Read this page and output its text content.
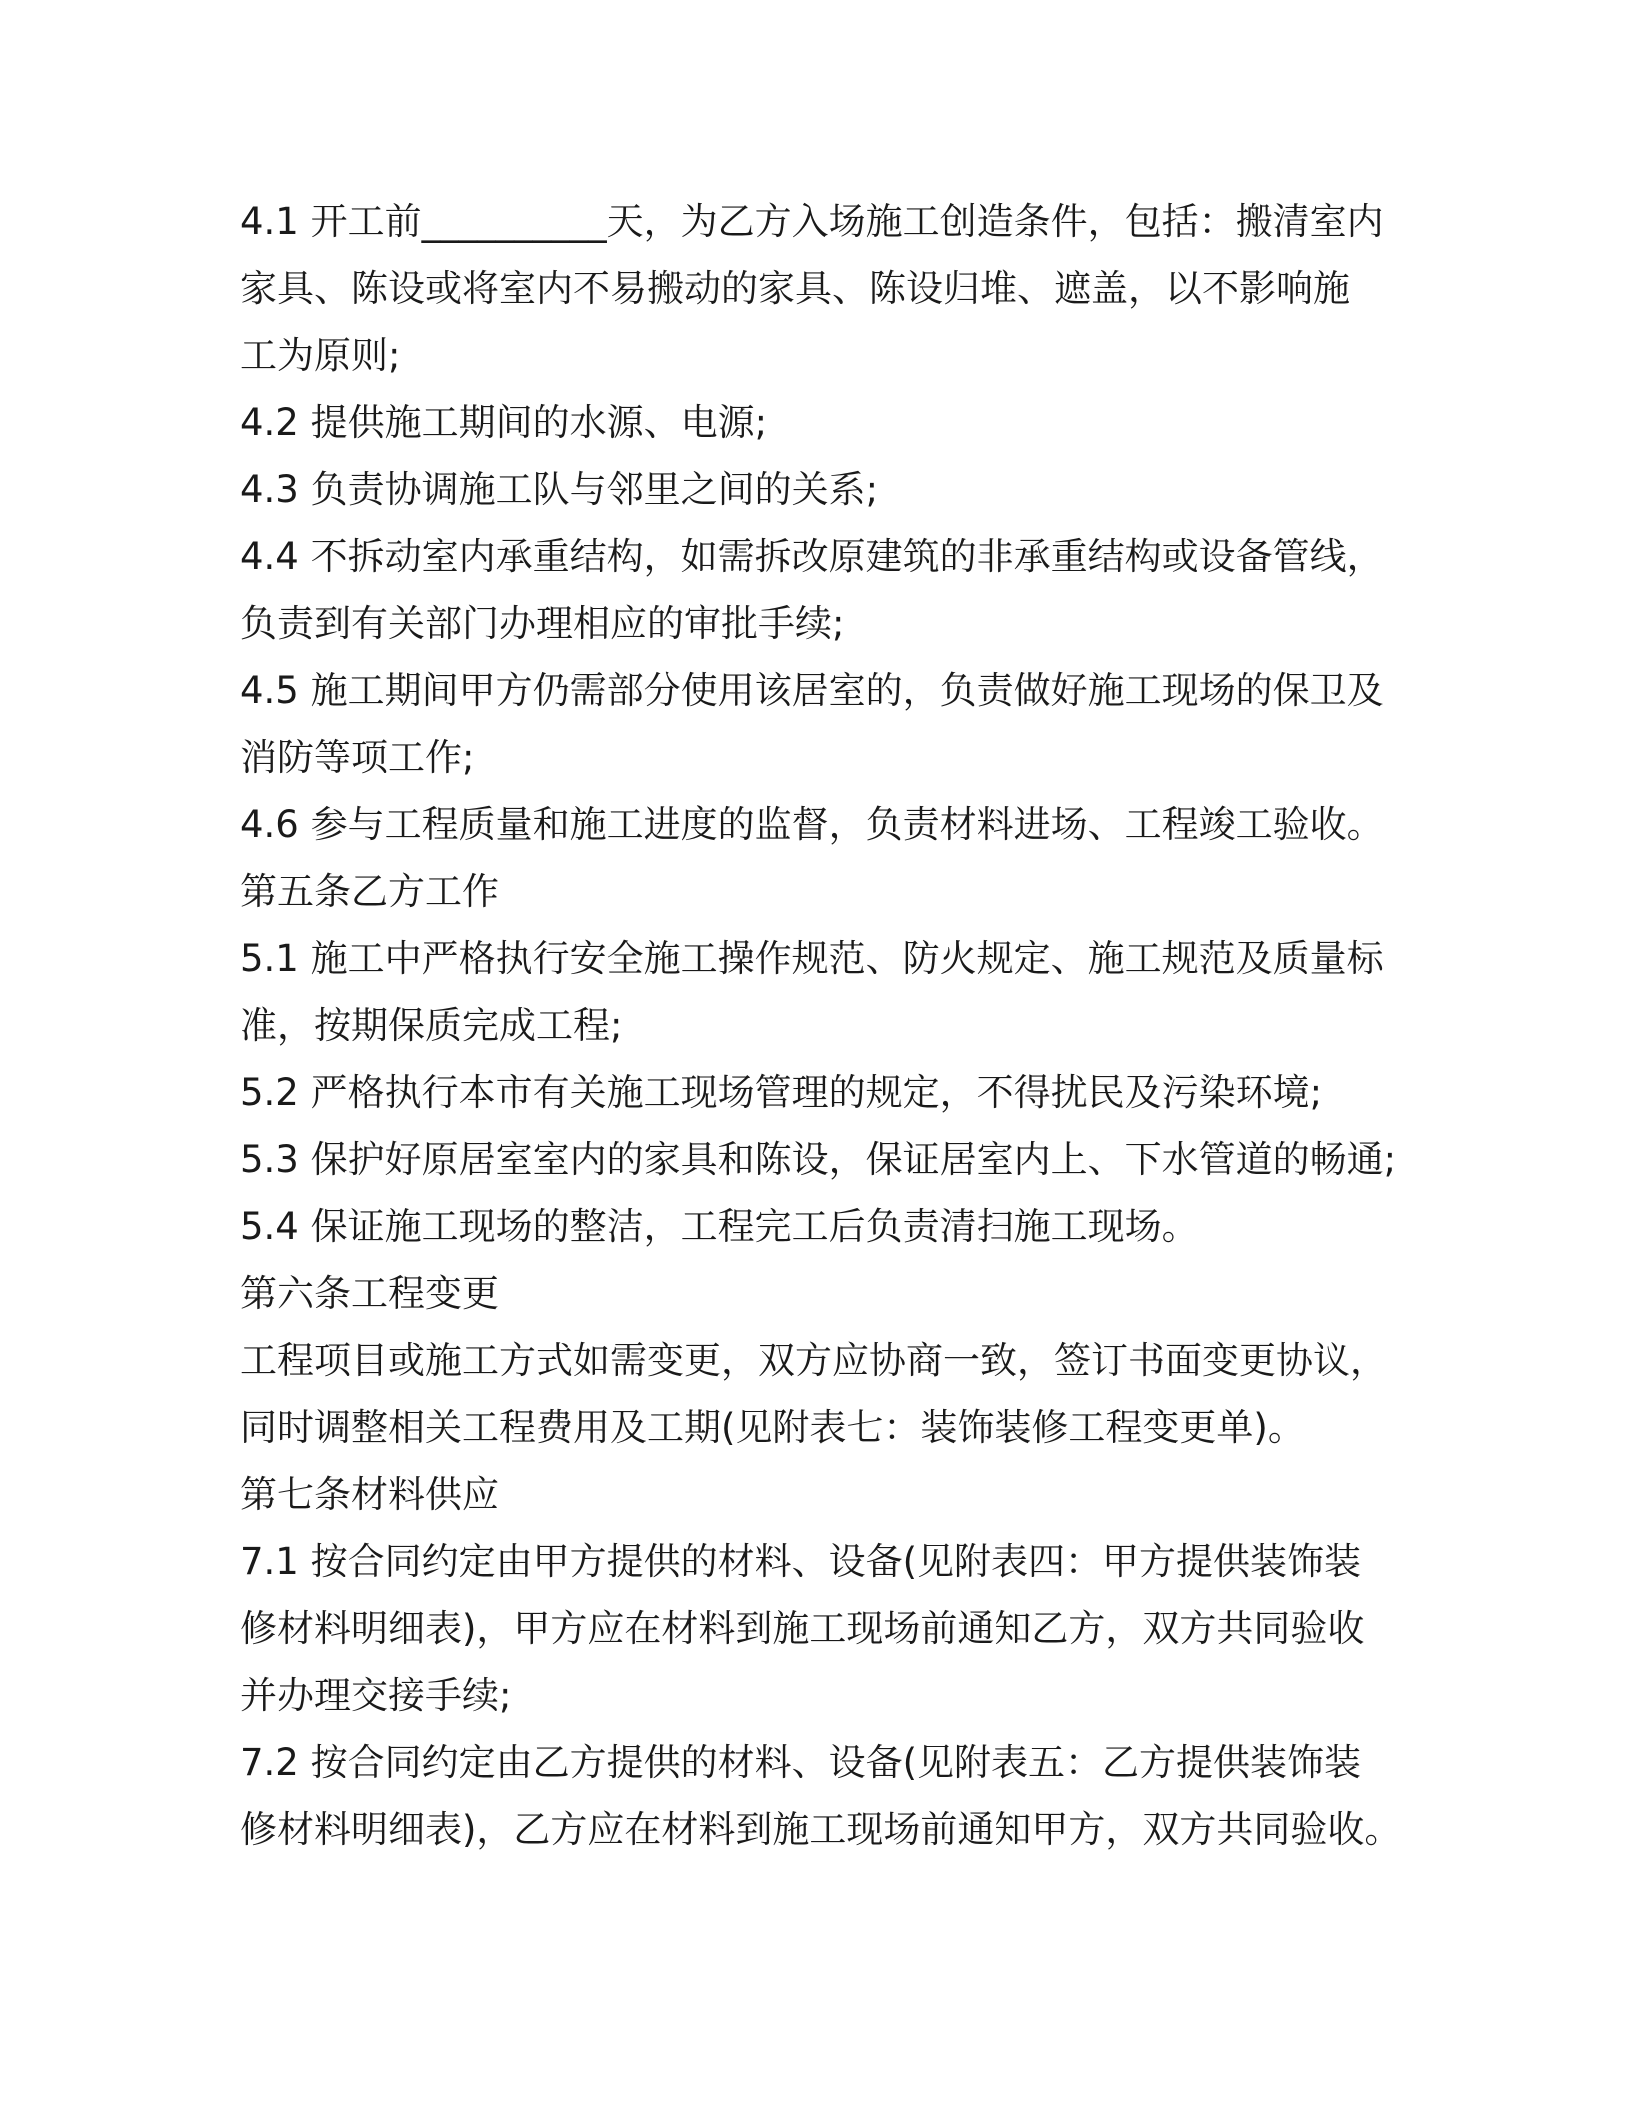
4.1 开工前__________天，为乙方入场施工创造条件，包括：搬清室内
家具、陈设或将室内不易搬动的家具、陈设归堆、遮盖，以不影响施
工为原则;
4.2 提供施工期间的水源、电源;
4.3 负责协调施工队与邻里之间的关系;
4.4 不拆动室内承重结构，如需拆改原建筑的非承重结构或设备管线，
负责到有关部门办理相应的审批手续;
4.5 施工期间甲方仍需部分使用该居室的，负责做好施工现场的保卫及
消防等项工作;
4.6 参与工程质量和施工进度的监督，负责材料进场、工程竣工验收。
第五条乙方工作
5.1 施工中严格执行安全施工操作规范、防火规定、施工规范及质量标
准，按期保质完成工程;
5.2 严格执行本市有关施工现场管理的规定，不得扰民及污染环境;
5.3 保护好原居室室内的家具和陈设，保证居室内上、下水管道的畅通;
5.4 保证施工现场的整洁，工程完工后负责清扫施工现场。
第六条工程变更
工程项目或施工方式如需变更，双方应协商一致，签订书面变更协议，
同时调整相关工程费用及工期(见附表七：装饰装修工程变更单)。
第七条材料供应
7.1 按合同约定由甲方提供的材料、设备(见附表四：甲方提供装饰装
修材料明细表)，甲方应在材料到施工现场前通知乙方，双方共同验收
并办理交接手续;
7.2 按合同约定由乙方提供的材料、设备(见附表五：乙方提供装饰装
修材料明细表)，乙方应在材料到施工现场前通知甲方，双方共同验收。
